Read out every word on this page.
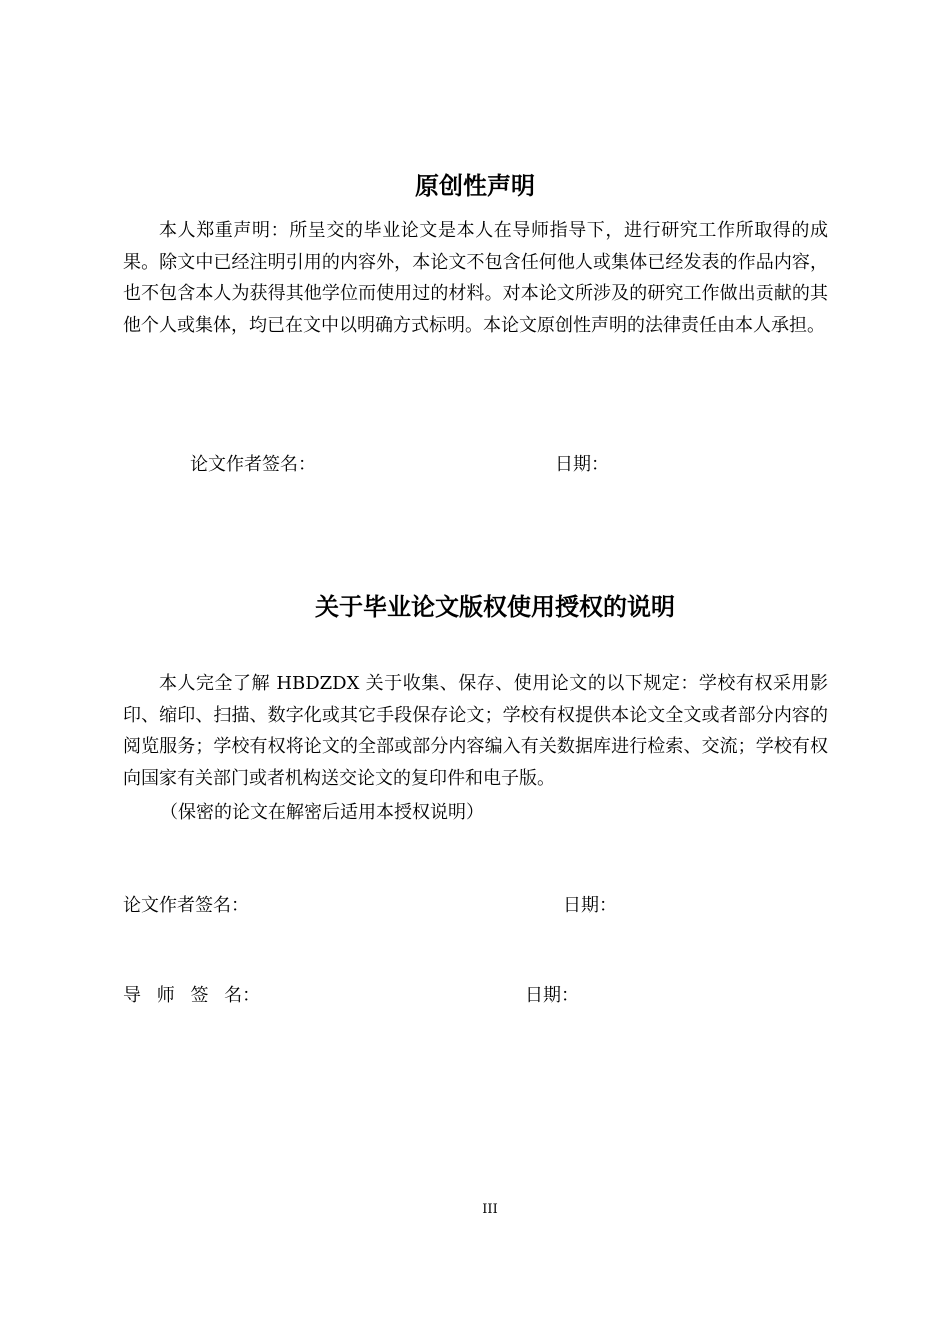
原创性声明
本人郑重声明：所呈交的毕业论文是本人在导师指导下，进行研究工作所取得的成果。除文中已经注明引用的内容外，本论文不包含任何他人或集体已经发表的作品内容，也不包含本人为获得其他学位而使用过的材料。对本论文所涉及的研究工作做出贡献的其他个人或集体，均已在文中以明确方式标明。本论文原创性声明的法律责任由本人承担。
论文作者签名：	日期：
关于毕业论文版权使用授权的说明
本人完全了解 HBDZDX 关于收集、保存、使用论文的以下规定：学校有权采用影印、缩印、扫描、数字化或其它手段保存论文；学校有权提供本论文全文或者部分内容的阅览服务；学校有权将论文的全部或部分内容编入有关数据库进行检索、交流；学校有权向国家有关部门或者机构送交论文的复印件和电子版。
（保密的论文在解密后适用本授权说明）
论文作者签名：	日期：
导 师 签 名：	日期：
III
